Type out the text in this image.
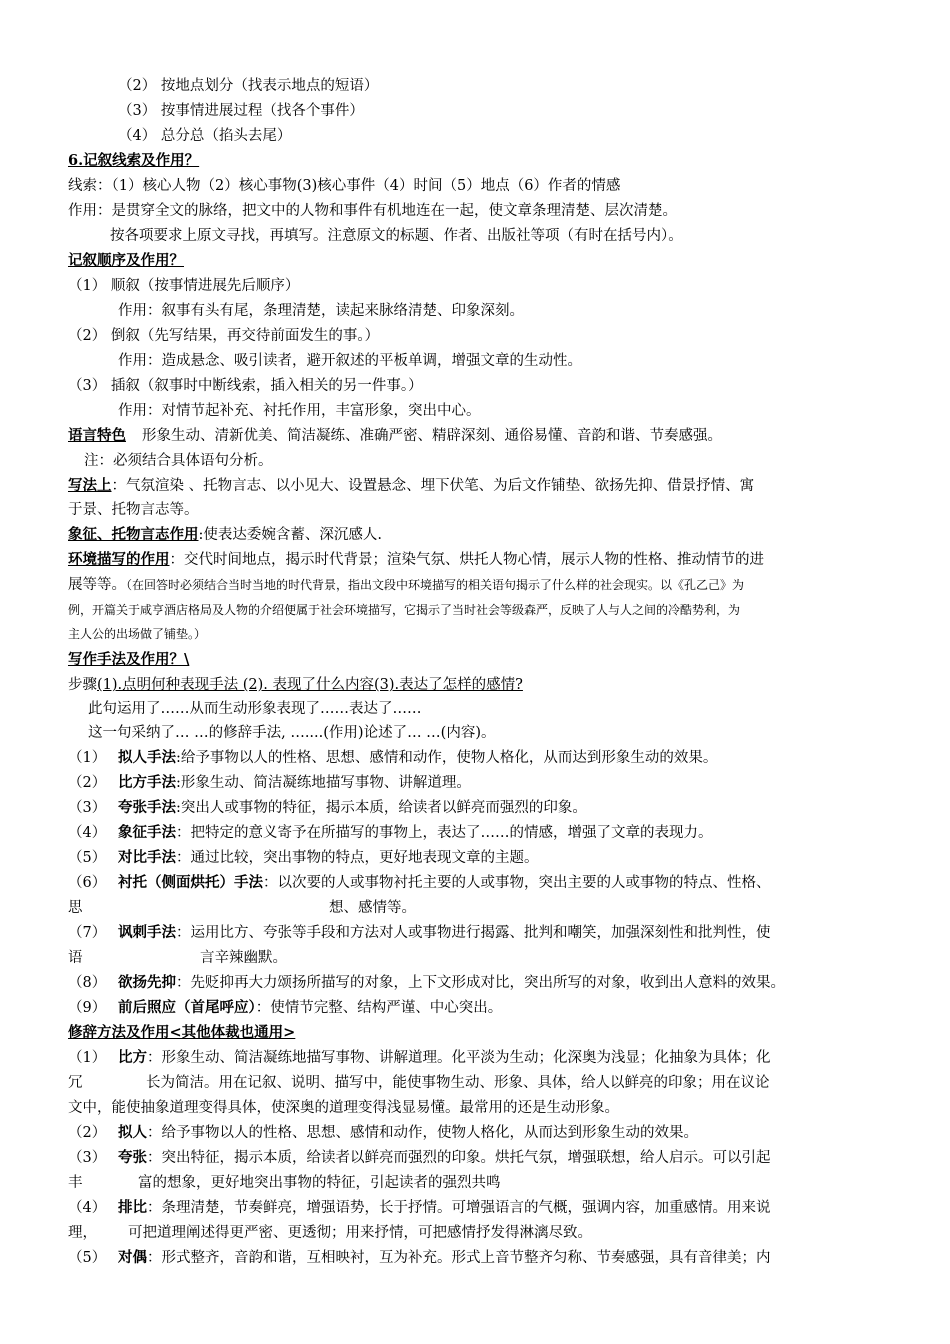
（2） 按地点划分（找表示地点的短语）
（3） 按事情进展过程（找各个事件）
（4） 总分总（掐头去尾）
6.记叙线索及作用？
线索：（1）核心人物（2）核心事物(3)核心事件（4）时间（5）地点（6）作者的情感
作用：是贯穿全文的脉络，把文中的人物和事件有机地连在一起，使文章条理清楚、层次清楚。
按各项要求上原文寻找，再填写。注意原文的标题、作者、出版社等项（有时在括号内）。
记叙顺序及作用？
（1） 顺叙（按事情进展先后顺序）
作用：叙事有头有尾，条理清楚，读起来脉络清楚、印象深刻。
（2） 倒叙（先写结果，再交待前面发生的事。）
作用：造成悬念、吸引读者，避开叙述的平板单调，增强文章的生动性。
（3） 插叙（叙事时中断线索，插入相关的另一件事。）
作用：对情节起补充、衬托作用，丰富形象，突出中心。
语言特色 形象生动、清新优美、简洁凝练、准确严密、精辟深刻、通俗易懂、音韵和谐、节奏感强。
注：必须结合具体语句分析。
写法上：气氛渲染 、托物言志、以小见大、设置悬念、埋下伏笔、为后文作铺垫、欲扬先抑、借景抒情、寓
于景、托物言志等。
象征、托物言志作用:使表达委婉含蓄、深沉感人.
环境描写的作用：交代时间地点，揭示时代背景；渲染气氛、烘托人物心情，展示人物的性格、推动情节的进
展等等。（在回答时必须结合当时当地的时代背景，指出文段中环境描写的相关语句揭示了什么样的社会现实。以《孔乙己》为
例，开篇关于咸亨酒店格局及人物的介绍便属于社会环境描写，它揭示了当时社会等级森严，反映了人与人之间的冷酷势利，为
主人公的出场做了铺垫。）
写作手法及作用？\
步骤(1).点明何种表现手法 (2). 表现了什么内容(3).表达了怎样的感情?
此句运用了……从而生动形象表现了……表达了……
这一句采纳了… …的修辞手法, …....(作用)论述了… …(内容)。
（1） 拟人手法:给予事物以人的性格、思想、感情和动作，使物人格化，从而达到形象生动的效果。
（2） 比方手法:形象生动、简洁凝练地描写事物、讲解道理。
（3） 夸张手法:突出人或事物的特征，揭示本质，给读者以鲜亮而强烈的印象。
（4） 象征手法：把特定的意义寄予在所描写的事物上，表达了……的情感，增强了文章的表现力。
（5） 对比手法：通过比较，突出事物的特点，更好地表现文章的主题。
（6） 衬托（侧面烘托）手法：以次要的人或事物衬托主要的人或事物，突出主要的人或事物的特点、性格、
思	想、感情等。
（7） 讽刺手法：运用比方、夸张等手段和方法对人或事物进行揭露、批判和嘲笑，加强深刻性和批判性，使
语	言辛辣幽默。
（8） 欲扬先抑：先贬抑再大力颂扬所描写的对象，上下文形成对比，突出所写的对象，收到出人意料的效果。
（9） 前后照应（首尾呼应）：使情节完整、结构严谨、中心突出。
修辞方法及作用<其他体裁也通用>
（1） 比方：形象生动、简洁凝练地描写事物、讲解道理。化平淡为生动；化深奥为浅显；化抽象为具体；化
冗	长为简洁。用在记叙、说明、描写中，能使事物生动、形象、具体，给人以鲜亮的印象；用在议论
文中，能使抽象道理变得具体，使深奥的道理变得浅显易懂。最常用的还是生动形象。
（2） 拟人：给予事物以人的性格、思想、感情和动作，使物人格化，从而达到形象生动的效果。
（3） 夸张：突出特征，揭示本质，给读者以鲜亮而强烈的印象。烘托气氛，增强联想，给人启示。可以引起
丰	富的想象，更好地突出事物的特征，引起读者的强烈共鸣
（4） 排比：条理清楚，节奏鲜亮，增强语势，长于抒情。可增强语言的气概，强调内容，加重感情。用来说
理， 可把道理阐述得更严密、更透彻；用来抒情，可把感情抒发得淋漓尽致。
（5） 对偶：形式整齐，音韵和谐，互相映衬，互为补充。形式上音节整齐匀称、节奏感强，具有音律美；内
